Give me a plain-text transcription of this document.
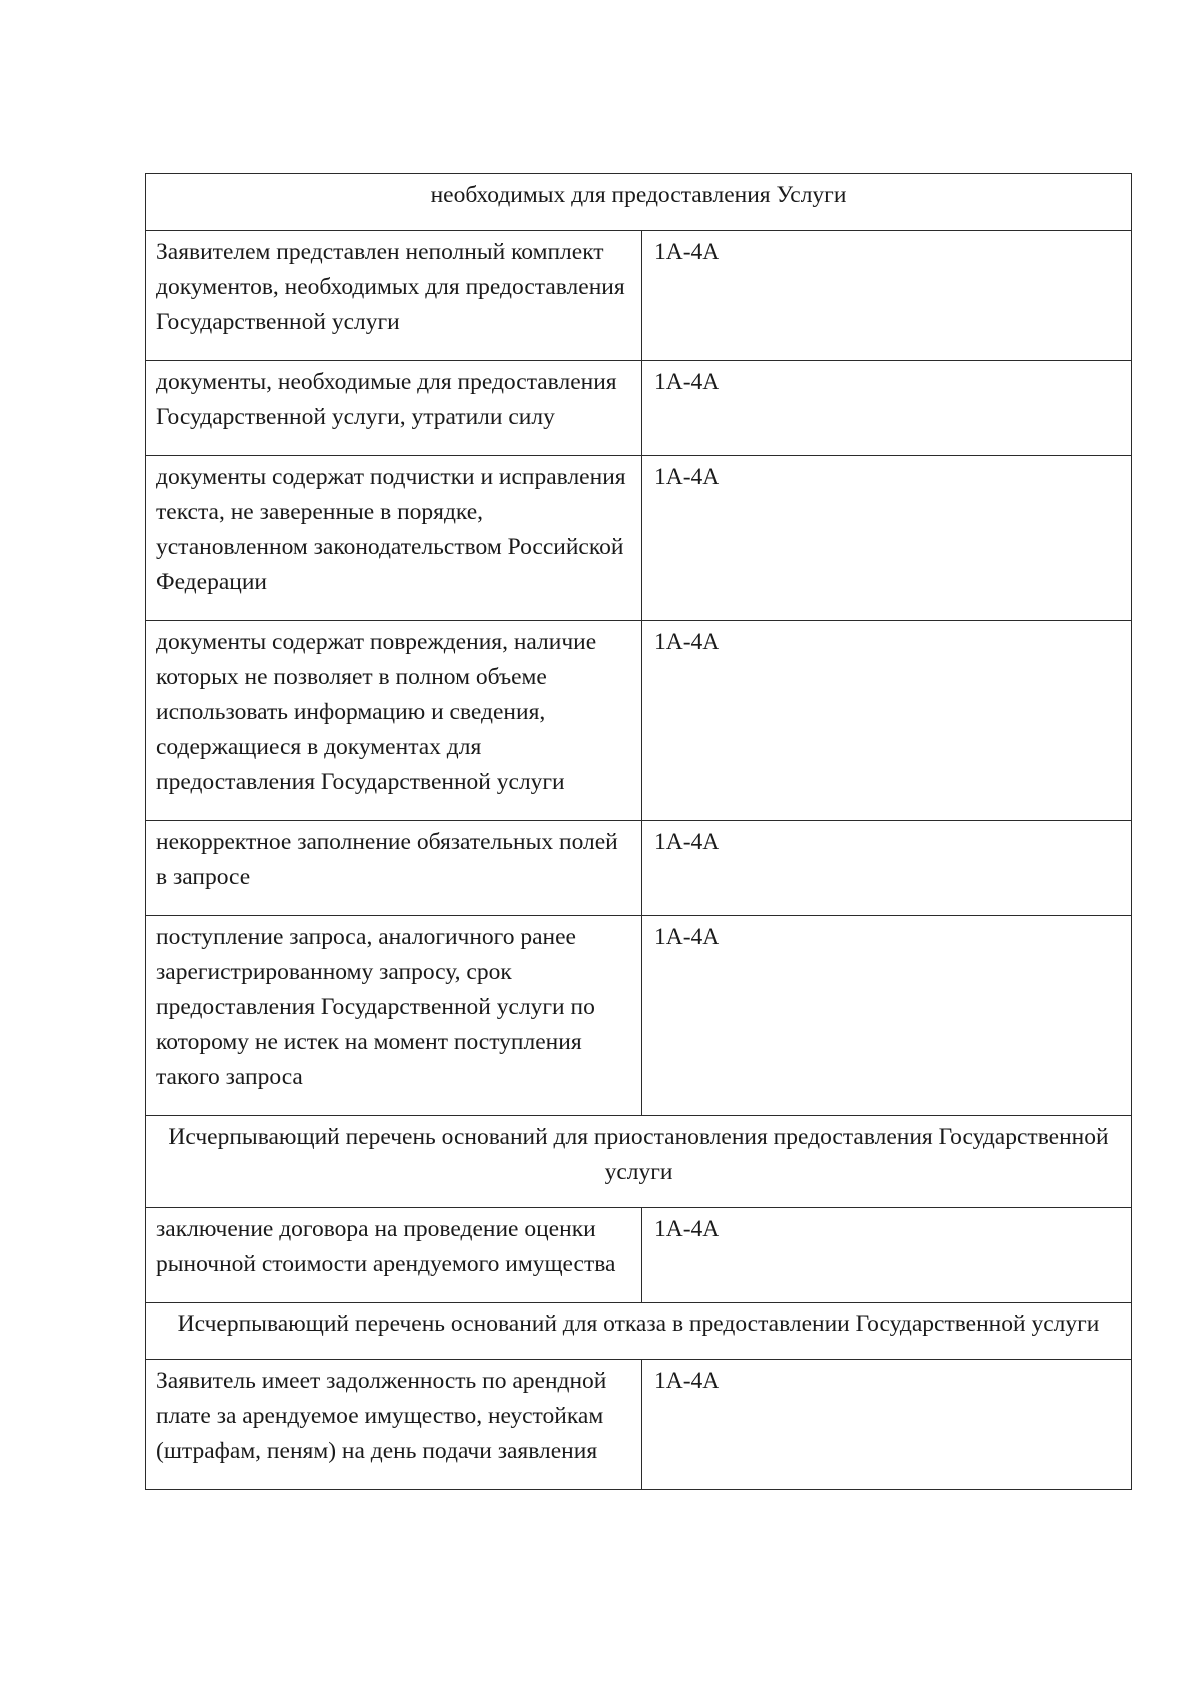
необходимых для предоставления Услуги	
Заявителем представлен неполный комплект документов, необходимых для предоставления Государственной услуги	1А-4А
документы, необходимые для предоставления Государственной услуги, утратили силу	1А-4А
документы содержат подчистки и исправления текста, не заверенные в порядке, установленном законодательством Российской Федерации	1А-4А
документы содержат повреждения, наличие которых не позволяет в полном объеме использовать информацию и сведения, содержащиеся в документах для предоставления Государственной услуги	1А-4А
некорректное заполнение обязательных полей в запросе	1А-4А
поступление запроса, аналогичного ранее зарегистрированному запросу, срок предоставления Государственной услуги по которому не истек на момент поступления такого запроса	1А-4А
Исчерпывающий перечень оснований для приостановления предоставления Государственной услуги	
заключение договора на проведение оценки рыночной стоимости арендуемого имущества	1А-4А
Исчерпывающий перечень оснований для отказа в предоставлении Государственной услуги	
Заявитель имеет задолженность по арендной плате за арендуемое имущество, неустойкам (штрафам, пеням) на день подачи заявления	1А-4А
